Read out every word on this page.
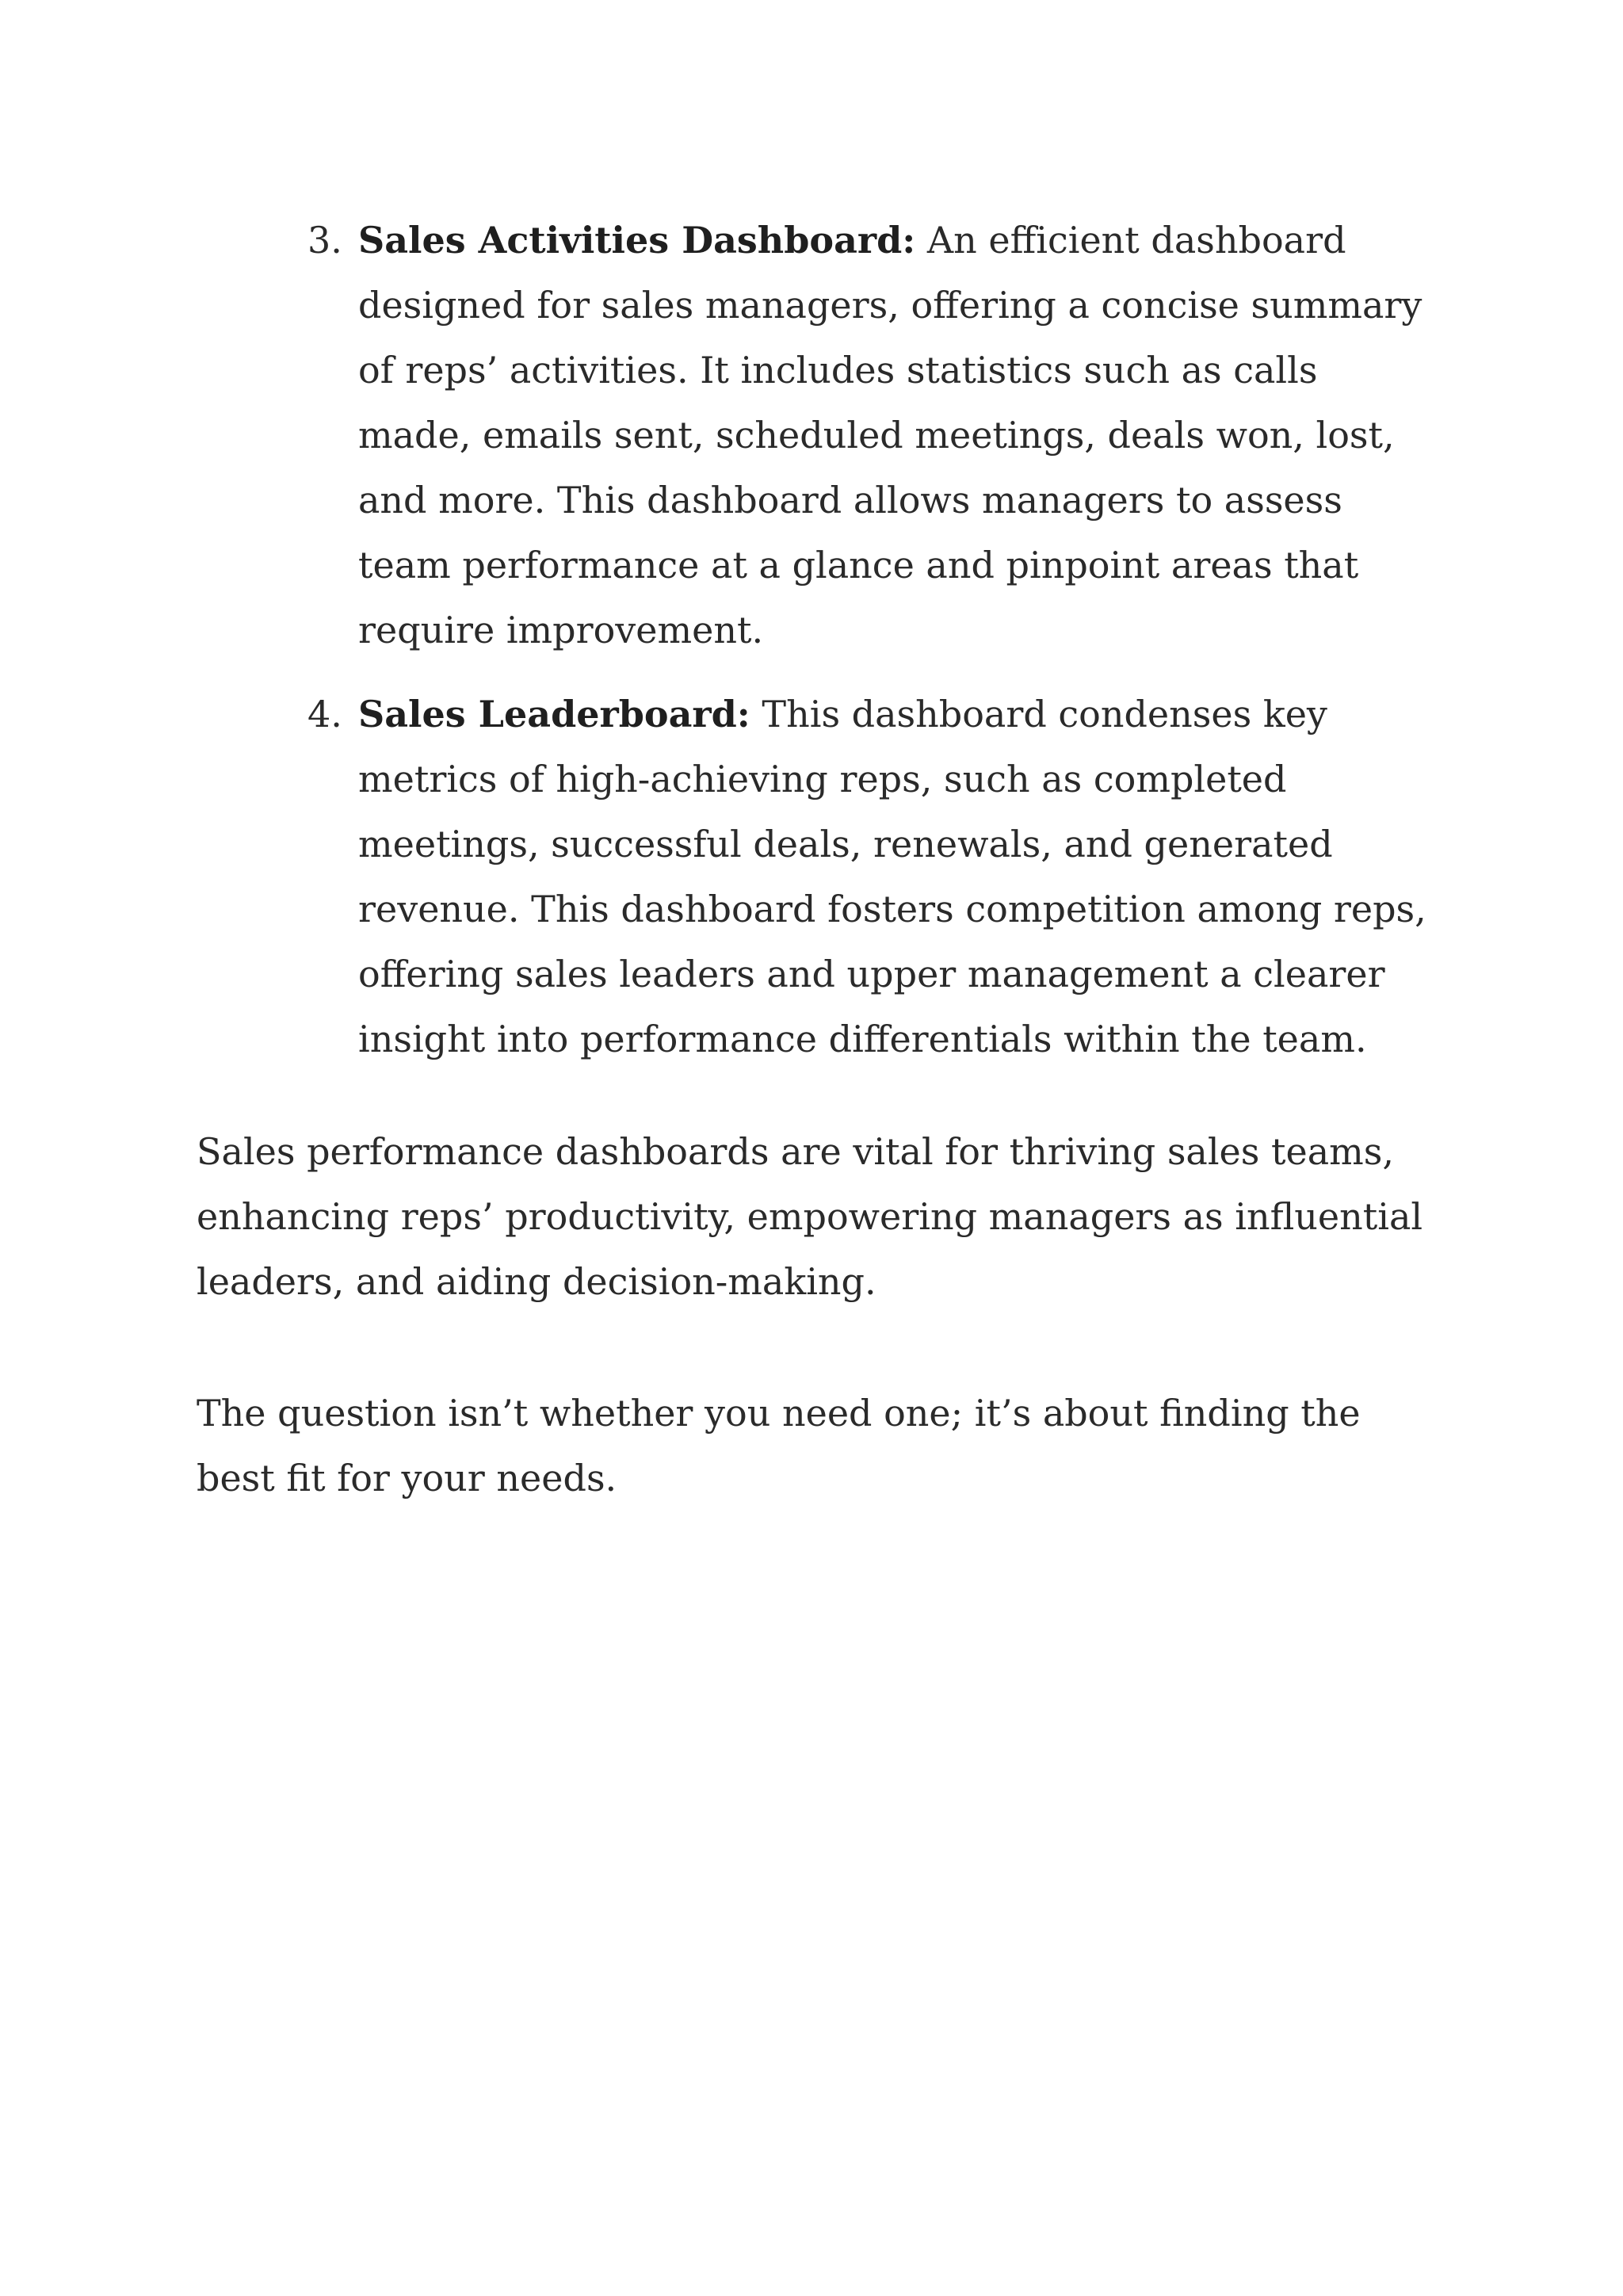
3. Sales Activities Dashboard: An efficient dashboard designed for sales managers, offering a concise summary of reps’ activities. It includes statistics such as calls made, emails sent, scheduled meetings, deals won, lost, and more. This dashboard allows managers to assess team performance at a glance and pinpoint areas that require improvement.

4. Sales Leaderboard: This dashboard condenses key metrics of high-achieving reps, such as completed meetings, successful deals, renewals, and generated revenue. This dashboard fosters competition among reps, offering sales leaders and upper management a clearer insight into performance differentials within the team.

Sales performance dashboards are vital for thriving sales teams, enhancing reps’ productivity, empowering managers as influential leaders, and aiding decision-making.

The question isn’t whether you need one; it’s about finding the best fit for your needs.
